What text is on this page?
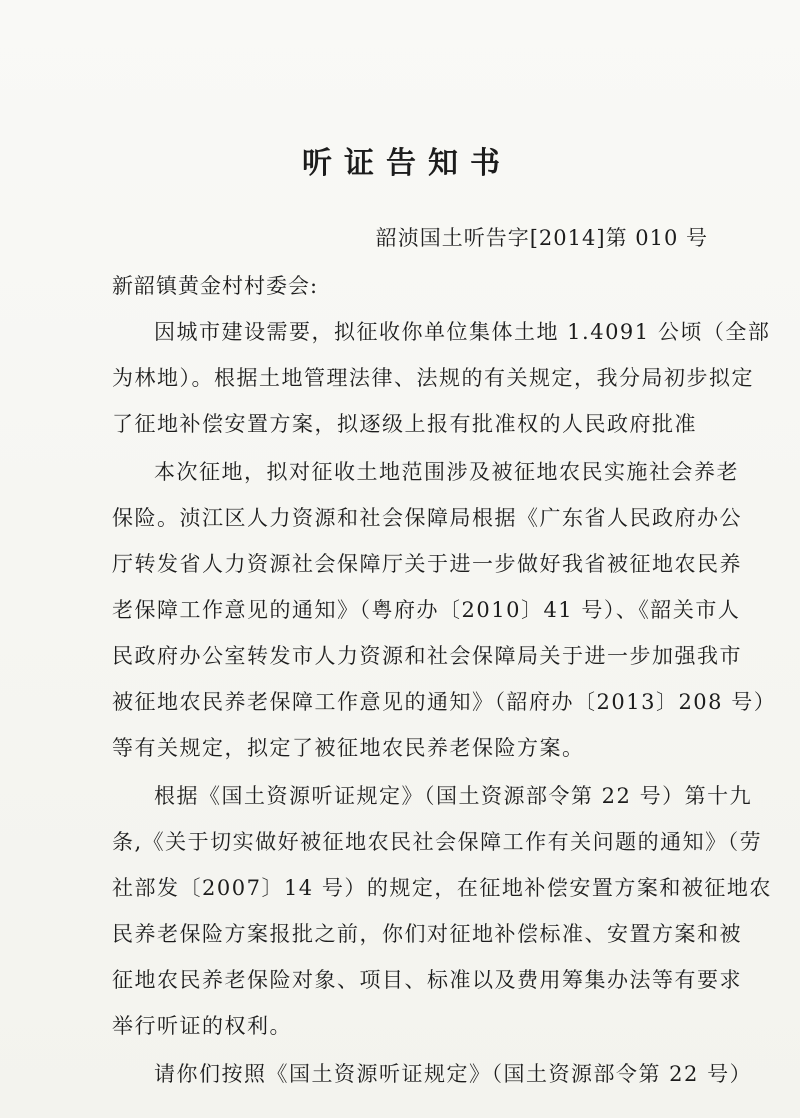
听证告知书
韶浈国土听告字[2014]第 010 号
新韶镇黄金村村委会:
因城市建设需要，拟征收你单位集体土地 1.4091 公顷（全部
为林地）。根据土地管理法律、法规的有关规定，我分局初步拟定
了征地补偿安置方案，拟逐级上报有批准权的人民政府批准
本次征地，拟对征收土地范围涉及被征地农民实施社会养老
保险。浈江区人力资源和社会保障局根据《广东省人民政府办公
厅转发省人力资源社会保障厅关于进一步做好我省被征地农民养
老保障工作意见的通知》（粤府办〔2010〕41 号）、《韶关市人
民政府办公室转发市人力资源和社会保障局关于进一步加强我市
被征地农民养老保障工作意见的通知》（韶府办〔2013〕208 号）
等有关规定，拟定了被征地农民养老保险方案。
根据《国土资源听证规定》（国土资源部令第 22 号）第十九
条,《关于切实做好被征地农民社会保障工作有关问题的通知》（劳
社部发〔2007〕14 号）的规定，在征地补偿安置方案和被征地农
民养老保险方案报批之前，你们对征地补偿标准、安置方案和被
征地农民养老保险对象、项目、标准以及费用筹集办法等有要求
举行听证的权利。
请你们按照《国土资源听证规定》（国土资源部令第 22 号）
